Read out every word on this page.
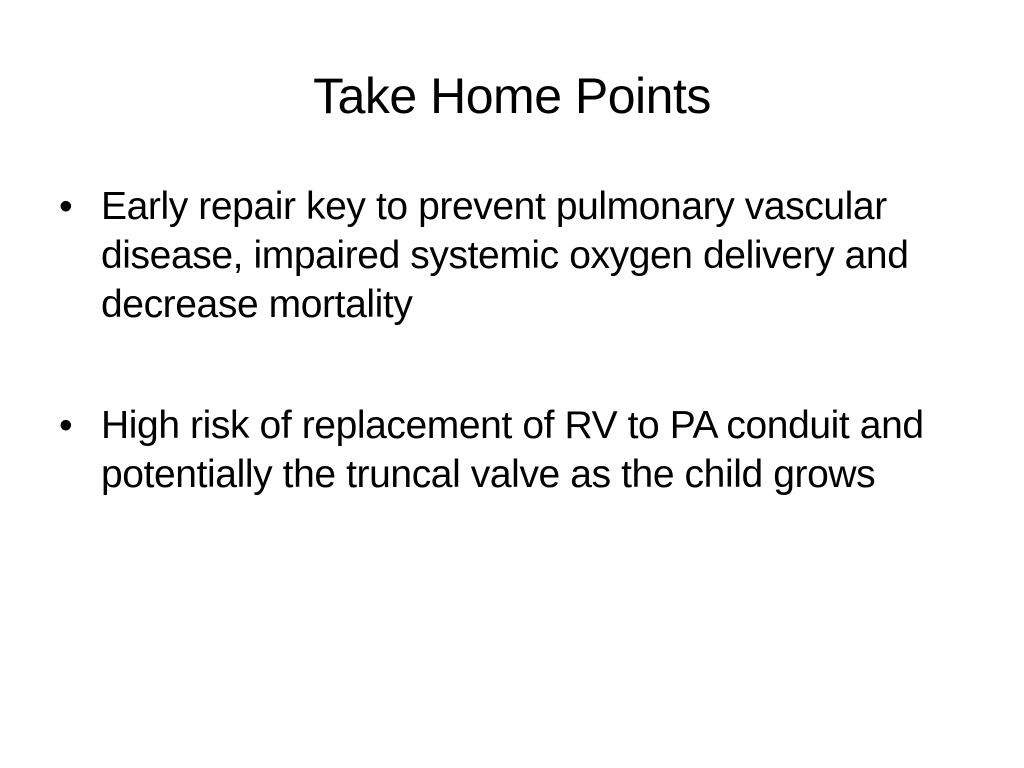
Take Home Points
• Early repair key to prevent pulmonary vascular disease, impaired systemic oxygen delivery and decrease mortality
• High risk of replacement of RV to PA conduit and potentially the truncal valve as the child grows
